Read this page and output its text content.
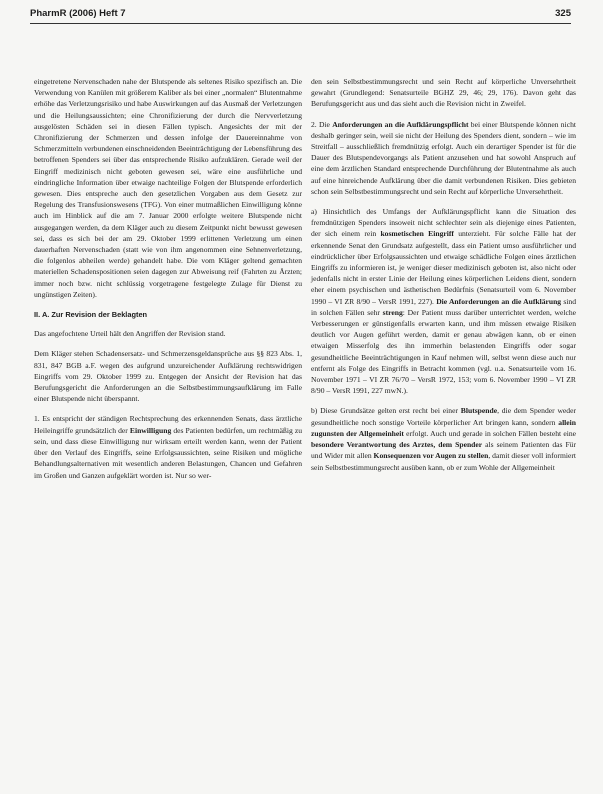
PharmR (2006) Heft 7	325

eingetretene Nervenschaden nahe der Blutspende als seltenes Risiko spezifisch an. Die Verwendung von Kanülen mit größerem Kaliber als bei einer „normalen“ Blutentnahme erhöhe das Verletzungsrisiko und habe Auswirkungen auf das Ausmaß der Verletzungen und die Heilungsaussichten; eine Chronifizierung der durch die Nervverletzung ausgelösten Schäden sei in diesen Fällen typisch. Angesichts der mit der Chronifizierung der Schmerzen und dessen infolge der Dauereinnahme von Schmerzmitteln verbundenen einschneidenden Beeinträchtigung der Lebensführung des betroffenen Spenders sei über das entsprechende Risiko aufzuklären. Gerade weil der Eingriff medizinisch nicht geboten gewesen sei, wäre eine ausführliche und eindringliche Information über etwaige nachteilige Folgen der Blutspende erforderlich gewesen. Dies entspreche auch den gesetzlichen Vorgaben aus dem Gesetz zur Regelung des Transfusionswesens (TFG). Von einer mutmaßlichen Einwilligung könne auch im Hinblick auf die am 7. Januar 2000 erfolgte weitere Blutspende nicht ausgegangen werden, da dem Kläger auch zu diesem Zeitpunkt nicht bewusst gewesen sei, dass es sich bei der am 29. Oktober 1999 erlittenen Verletzung um einen dauerhaften Nervenschaden (statt wie von ihm angenommen eine Sehnenverletzung, die folgenlos abheilen werde) gehandelt habe. Die vom Kläger geltend gemachten materiellen Schadenspositionen seien dagegen zur Abweisung reif (Fahrten zu Ärzten; immer noch bzw. nicht schlüssig vorgetragene festgelegte Zulage für Dienst zu ungünstigen Zeiten).

II. A. Zur Revision der Beklagten

Das angefochtene Urteil hält den Angriffen der Revision stand.

Dem Kläger stehen Schadensersatz- und Schmerzensgeldansprüche aus §§ 823 Abs. 1, 831, 847 BGB a.F. wegen des aufgrund unzureichender Aufklärung rechtswidrigen Eingriffs vom 29. Oktober 1999 zu. Entgegen der Ansicht der Revision hat das Berufungsgericht die Anforderungen an die Selbstbestimmungsaufklärung im Falle einer Blutspende nicht überspannt.

1. Es entspricht der ständigen Rechtsprechung des erkennenden Senats, dass ärztliche Heileingriffe grundsätzlich der Einwilligung des Patienten bedürfen, um rechtmäßig zu sein, und dass diese Einwilligung nur wirksam erteilt werden kann, wenn der Patient über den Verlauf des Eingriffs, seine Erfolgsaussichten, seine Risiken und mögliche Behandlungsalternativen mit wesentlich anderen Belastungen, Chancen und Gefahren im Großen und Ganzen aufgeklärt worden ist. Nur so wer-

den sein Selbstbestimmungsrecht und sein Recht auf körperliche Unversehrtheit gewahrt (Grundlegend: Senatsurteile BGHZ 29, 46; 29, 176). Davon geht das Berufungsgericht aus und das sieht auch die Revision nicht in Zweifel.

2. Die Anforderungen an die Aufklärungspflicht bei einer Blutspende können nicht deshalb geringer sein, weil sie nicht der Heilung des Spenders dient, sondern – wie im Streitfall – ausschließlich fremdnützig erfolgt. Auch ein derartiger Spender ist für die Dauer des Blutspendevorgangs als Patient anzusehen und hat sowohl Anspruch auf eine dem ärztlichen Standard entsprechende Durchführung der Blutentnahme als auch auf eine hinreichende Aufklärung über die damit verbundenen Risiken. Dies gebieten schon sein Selbstbestimmungsrecht und sein Recht auf körperliche Unversehrtheit.

a) Hinsichtlich des Umfangs der Aufklärungspflicht kann die Situation des fremdnützigen Spenders insoweit nicht schlechter sein als diejenige eines Patienten, der sich einem rein kosmetischen Eingriff unterzieht. Für solche Fälle hat der erkennende Senat den Grundsatz aufgestellt, dass ein Patient umso ausführlicher und eindrücklicher über Erfolgsaussichten und etwaige schädliche Folgen eines ärztlichen Eingriffs zu informieren ist, je weniger dieser medizinisch geboten ist, also nicht oder jedenfalls nicht in erster Linie der Heilung eines körperlichen Leidens dient, sondern eher einem psychischen und ästhetischen Bedürfnis (Senatsurteil vom 6. November 1990 – VI ZR 8/90 – VersR 1991, 227). Die Anforderungen an die Aufklärung sind in solchen Fällen sehr streng: Der Patient muss darüber unterrichtet werden, welche Verbesserungen er günstigenfalls erwarten kann, und ihm müssen etwaige Risiken deutlich vor Augen geführt werden, damit er genau abwägen kann, ob er einen etwaigen Misserfolg des ihn immerhin belastenden Eingriffs oder sogar gesundheitliche Beeinträchtigungen in Kauf nehmen will, selbst wenn diese auch nur entfernt als Folge des Eingriffs in Betracht kommen (vgl. u.a. Senatsurteile vom 16. November 1971 – VI ZR 76/70 – VersR 1972, 153; vom 6. November 1990 – VI ZR 8/90 – VersR 1991, 227 mwN.).

b) Diese Grundsätze gelten erst recht bei einer Blutspende, die dem Spender weder gesundheitliche noch sonstige Vorteile körperlicher Art bringen kann, sondern allein zugunsten der Allgemeinheit erfolgt. Auch und gerade in solchen Fällen besteht eine besondere Verantwortung des Arztes, dem Spender als seinem Patienten das Für und Wider mit allen Konsequenzen vor Augen zu stellen, damit dieser voll informiert sein Selbstbestimmungsrecht ausüben kann, ob er zum Wohle der Allgemeinheit
